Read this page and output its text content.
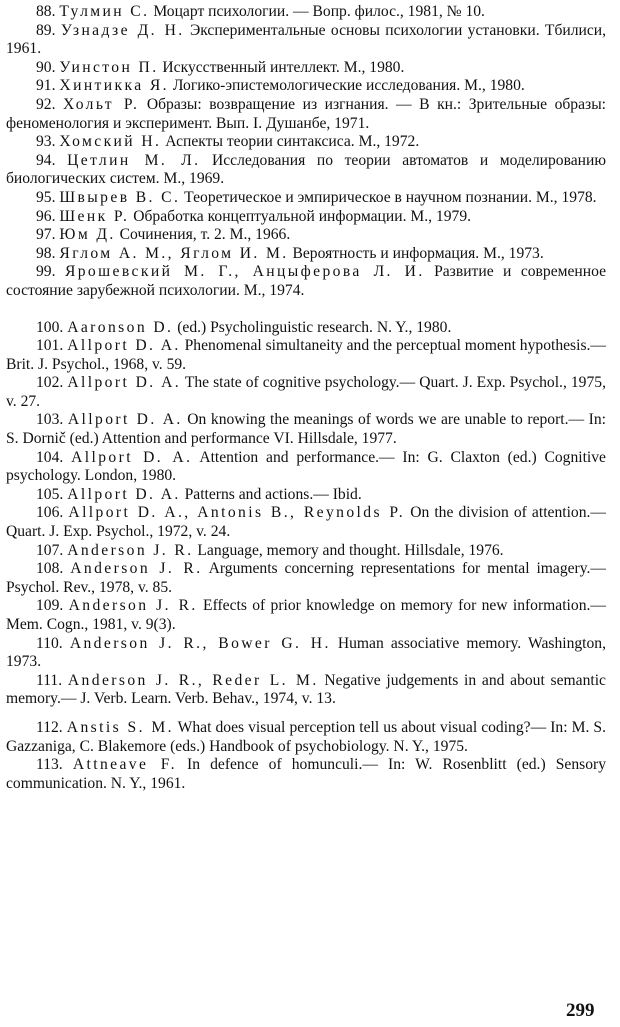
88. Тулмин С. Моцарт психологии. — Вопр. филос., 1981, № 10.

89. Узнадзе Д. Н. Экспериментальные основы психологии установки. Тбилиси, 1961.

90. Уинстон П. Искусственный интеллект. М., 1980.

91. Хинтикка Я. Логико-эпистемологические исследования. М., 1980.

92. Хольт Р. Образы: возвращение из изгнания. — В кн.: Зрительные образы: феноменология и эксперимент. Вып. I. Душанбе, 1971.

93. Хомский Н. Аспекты теории синтаксиса. М., 1972.

94. Цетлин М. Л. Исследования по теории автоматов и моделированию биологических систем. М., 1969.

95. Швырев В. С. Теоретическое и эмпирическое в научном познании. М., 1978.

96. Шенк Р. Обработка концептуальной информации. М., 1979.

97. Юм Д. Сочинения, т. 2. М., 1966.

98. Яглом А. М., Яглом И. М. Вероятность и информация. М., 1973.

99. Ярошевский М. Г., Анцыферова Л. И. Развитие и современное состояние зарубежной психологии. М., 1974.

100. Aaronson D. (ed.) Psycholinguistic research. N. Y., 1980.

101. Allport D. A. Phenomenal simultaneity and the perceptual moment hypothesis.— Brit. J. Psychol., 1968, v. 59.

102. Allport D. A. The state of cognitive psychology.— Quart. J. Exp. Psychol., 1975, v. 27.

103. Allport D. A. On knowing the meanings of words we are unable to report.— In: S. Dornič (ed.) Attention and performance VI. Hillsdale, 1977.

104. Allport D. A. Attention and performance.— In: G. Claxton (ed.) Cognitive psychology. London, 1980.

105. Allport D. A. Patterns and actions.— Ibid.

106. Allport D. A., Antonis B., Reynolds P. On the division of attention.— Quart. J. Exp. Psychol., 1972, v. 24.

107. Anderson J. R. Language, memory and thought. Hillsdale, 1976.

108. Anderson J. R. Arguments concerning representations for mental imagery.— Psychol. Rev., 1978, v. 85.

109. Anderson J. R. Effects of prior knowledge on memory for new information.— Mem. Cogn., 1981, v. 9(3).

110. Anderson J. R., Bower G. H. Human associative memory. Washington, 1973.

111. Anderson J. R., Reder L. M. Negative judgements in and about semantic memory.— J. Verb. Learn. Verb. Behav., 1974, v. 13.

112. Anstis S. M. What does visual perception tell us about visual coding?— In: M. S. Gazzaniga, C. Blakemore (eds.) Handbook of psychobiology. N. Y., 1975.

113. Attneave F. In defence of homunculi.— In: W. Rosenblitt (ed.) Sensory communication. N. Y., 1961.

299
